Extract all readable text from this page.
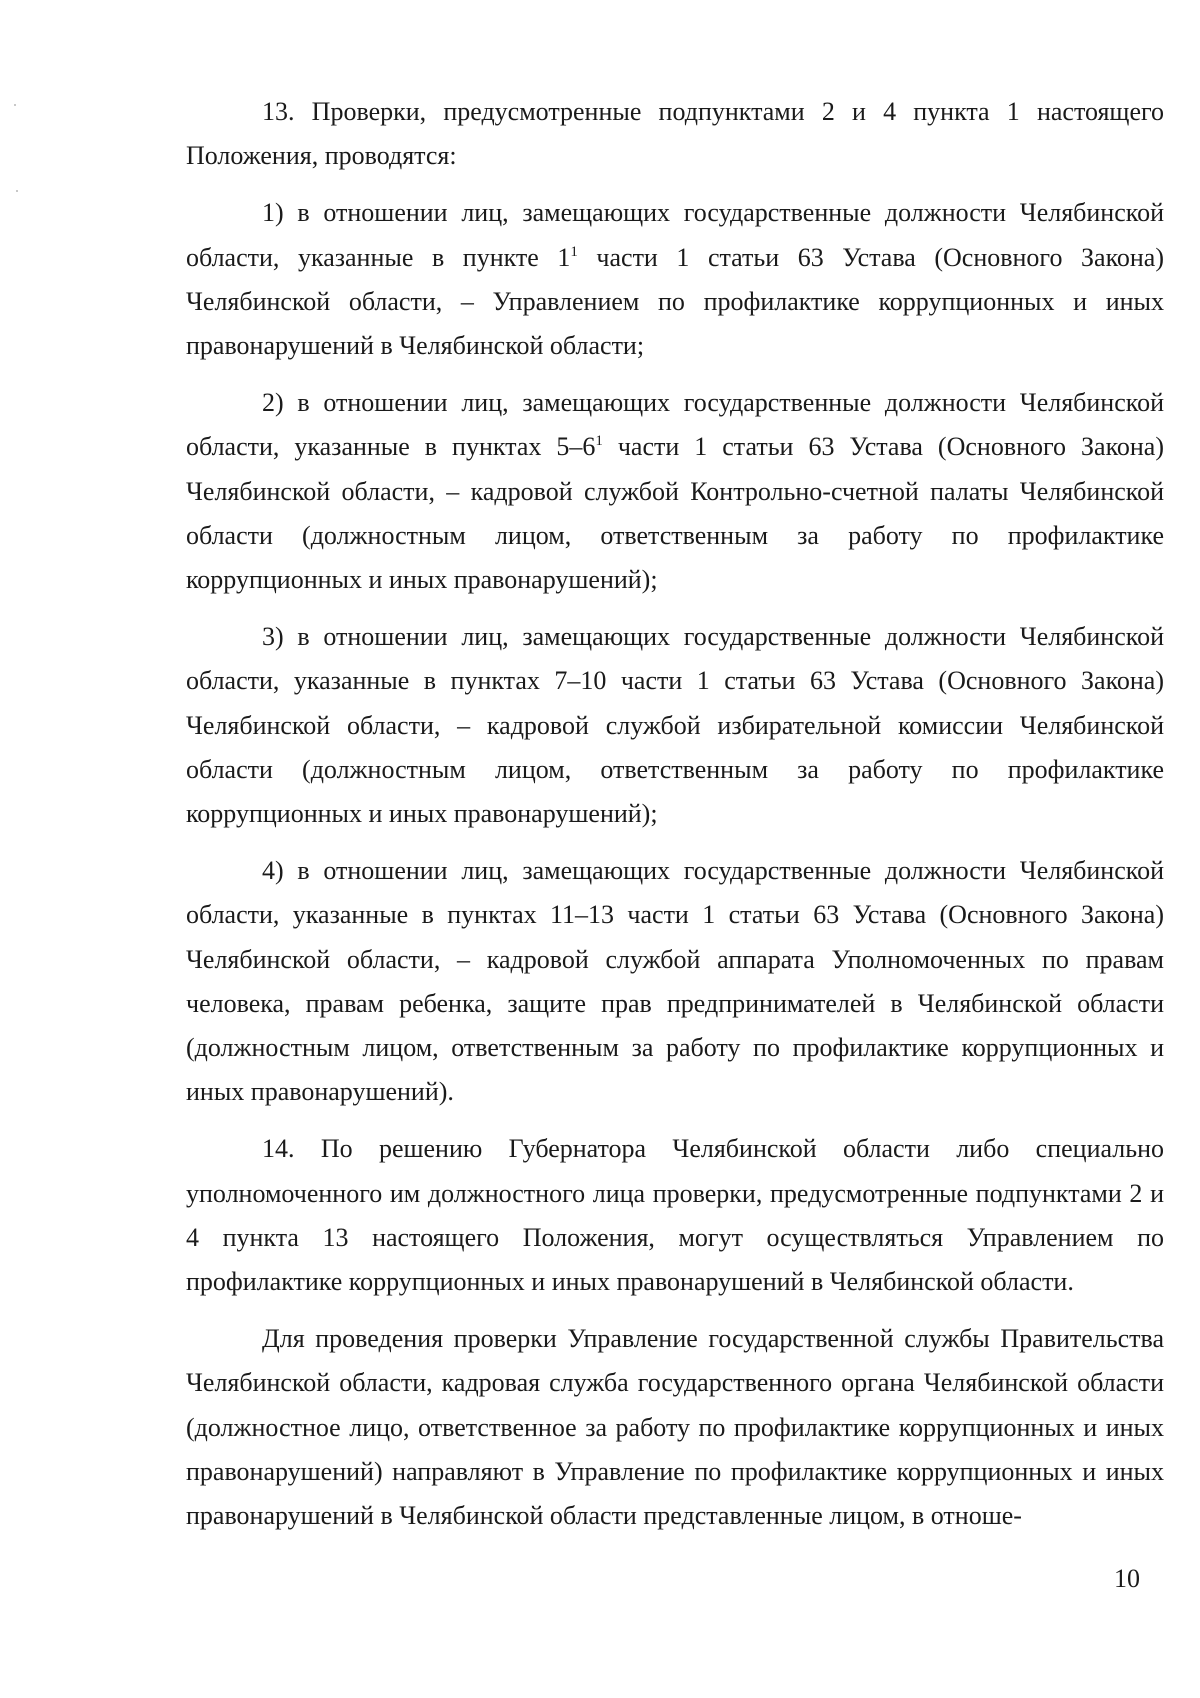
13. Проверки, предусмотренные подпунктами 2 и 4 пункта 1 настоящего Положения, проводятся:

1) в отношении лиц, замещающих государственные должности Челябинской области, указанные в пункте $1^1$ части 1 статьи 63 Устава (Основного Закона) Челябинской области, – Управлением по профилактике коррупционных и иных правонарушений в Челябинской области;

2) в отношении лиц, замещающих государственные должности Челябинской области, указанные в пунктах $5-6^1$ части 1 статьи 63 Устава (Основного Закона) Челябинской области, – кадровой службой Контрольно-счетной палаты Челябинской области (должностным лицом, ответственным за работу по профилактике коррупционных и иных правонарушений);

3) в отношении лиц, замещающих государственные должности Челябинской области, указанные в пунктах 7–10 части 1 статьи 63 Устава (Основного Закона) Челябинской области, – кадровой службой избирательной комиссии Челябинской области (должностным лицом, ответственным за работу по профилактике коррупционных и иных правонарушений);

4) в отношении лиц, замещающих государственные должности Челябинской области, указанные в пунктах 11–13 части 1 статьи 63 Устава (Основного Закона) Челябинской области, – кадровой службой аппарата Уполномоченных по правам человека, правам ребенка, защите прав предпринимателей в Челябинской области (должностным лицом, ответственным за работу по профилактике коррупционных и иных правонарушений).

14. По решению Губернатора Челябинской области либо специально уполномоченного им должностного лица проверки, предусмотренные подпунктами 2 и 4 пункта 13 настоящего Положения, могут осуществляться Управлением по профилактике коррупционных и иных правонарушений в Челябинской области.

Для проведения проверки Управление государственной службы Правительства Челябинской области, кадровая служба государственного органа Челябинской области (должностное лицо, ответственное за работу по профилактике коррупционных и иных правонарушений) направляют в Управление по профилактике коррупционных и иных правонарушений в Челябинской области представленные лицом, в отноше-

10
